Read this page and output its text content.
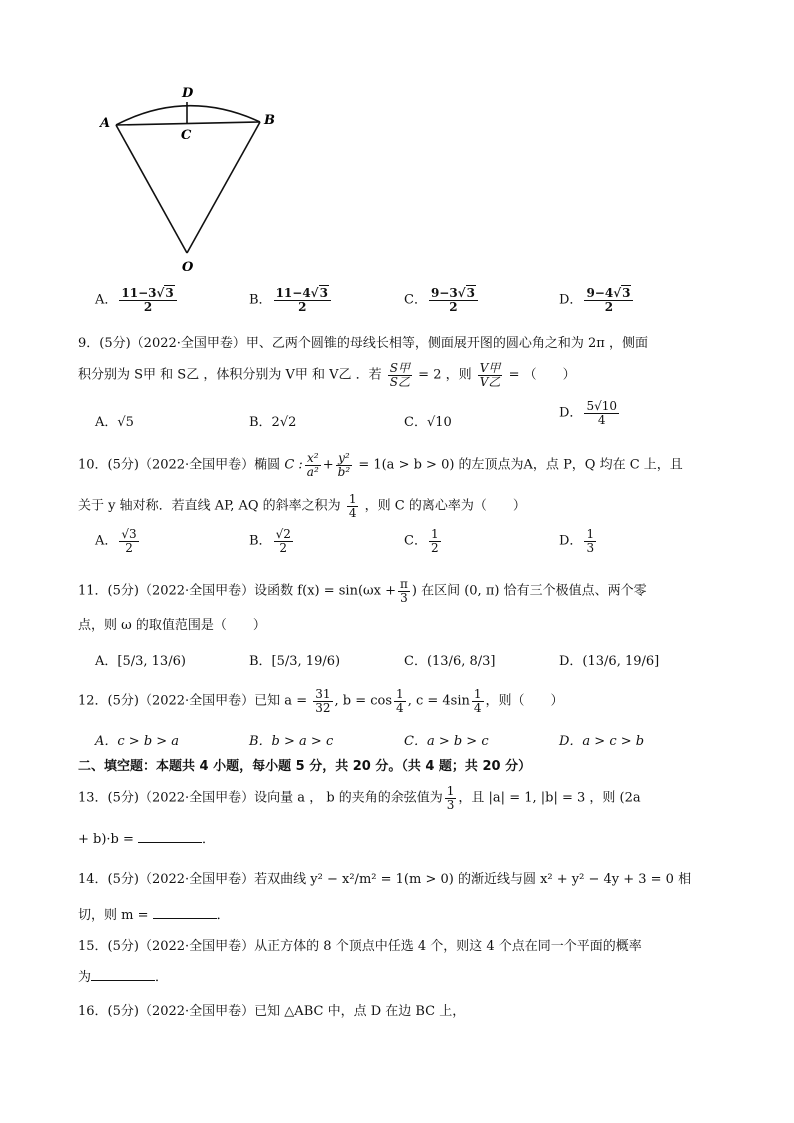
A	B
C
D
O
A． $\frac{11-3√3}{2}$	B． $\frac{11-4√3}{2}$	C． $\frac{9-3√3}{2}$	D． $\frac{9-4√3}{2}$
9．(5分)（2022·全国甲卷）甲、乙两个圆锥的母线长相等，侧面展开图的圆心角之和为 2π ，侧面
积分别为 S甲 和 S乙 ，体积分别为 V甲 和 V乙 ．若 $\frac{\text{S甲}}{\text{S乙}} = 2$ ，则 $\frac{\text{V甲}}{\text{V乙}}$ = （　　）
A．√5	B．2√2	C．√10
D． $\frac{5√10}{4}$
10．(5分)（2022·全国甲卷）椭圆 C : $\frac{\text{x²}}{\text{a²}} + \frac{\text{y²}}{\text{b²}} = 1(a > b > 0)$ 的左顶点为A，点 P，Q 均在 C 上，且
关于 y 轴对称．若直线 AP, AQ 的斜率之积为 $\frac{1}{4}$ ，则 C 的离心率为（　　）
A． $\frac{√3}{2}$	B． $\frac{√2}{2}$	C． $\frac{1}{2}$	D． $\frac{1}{3}$
11．(5分)（2022·全国甲卷）设函数 $f(x) = \sin(\omega x + \frac{\pi}{3}$ ) 在区间 (0, π) 恰有三个极值点、两个零
点，则 ω 的取值范围是（　　）
A．[5/3, 13/6)	B．[5/3, 19/6)	C．(13/6, 8/3]	D．(13/6, 19/6]
12．(5分)（2022·全国甲卷）已知 $a = \frac{31}{32}$ , $b = \cos \frac{1}{4}$ , $c = 4\sin \frac{1}{4}$ ，则（　　）
A．c > b > a	B．b > a > c	C．a > b > c	D．a > c > b
二、填空题：本题共 4 小题，每小题 5 分，共 20 分。（共 4 题；共 20 分）
13．(5分)（2022·全国甲卷）设向量 a ， b 的夹角的余弦值为 $\frac{1}{3}$ ，且 |a| = 1, |b| = 3 ，则 (2a
+ b)·b =	．
14．(5分)（2022·全国甲卷）若双曲线 y² − x²/m² = 1(m > 0) 的渐近线与圆 x² + y² − 4y + 3 = 0 相
切，则 m =	．
15．(5分)（2022·全国甲卷）从正方体的 8 个顶点中任选 4 个，则这 4 个点在同一个平面的概率
为	．
16．(5分)（2022·全国甲卷）已知 △ABC 中，点 D 在边 BC 上，
